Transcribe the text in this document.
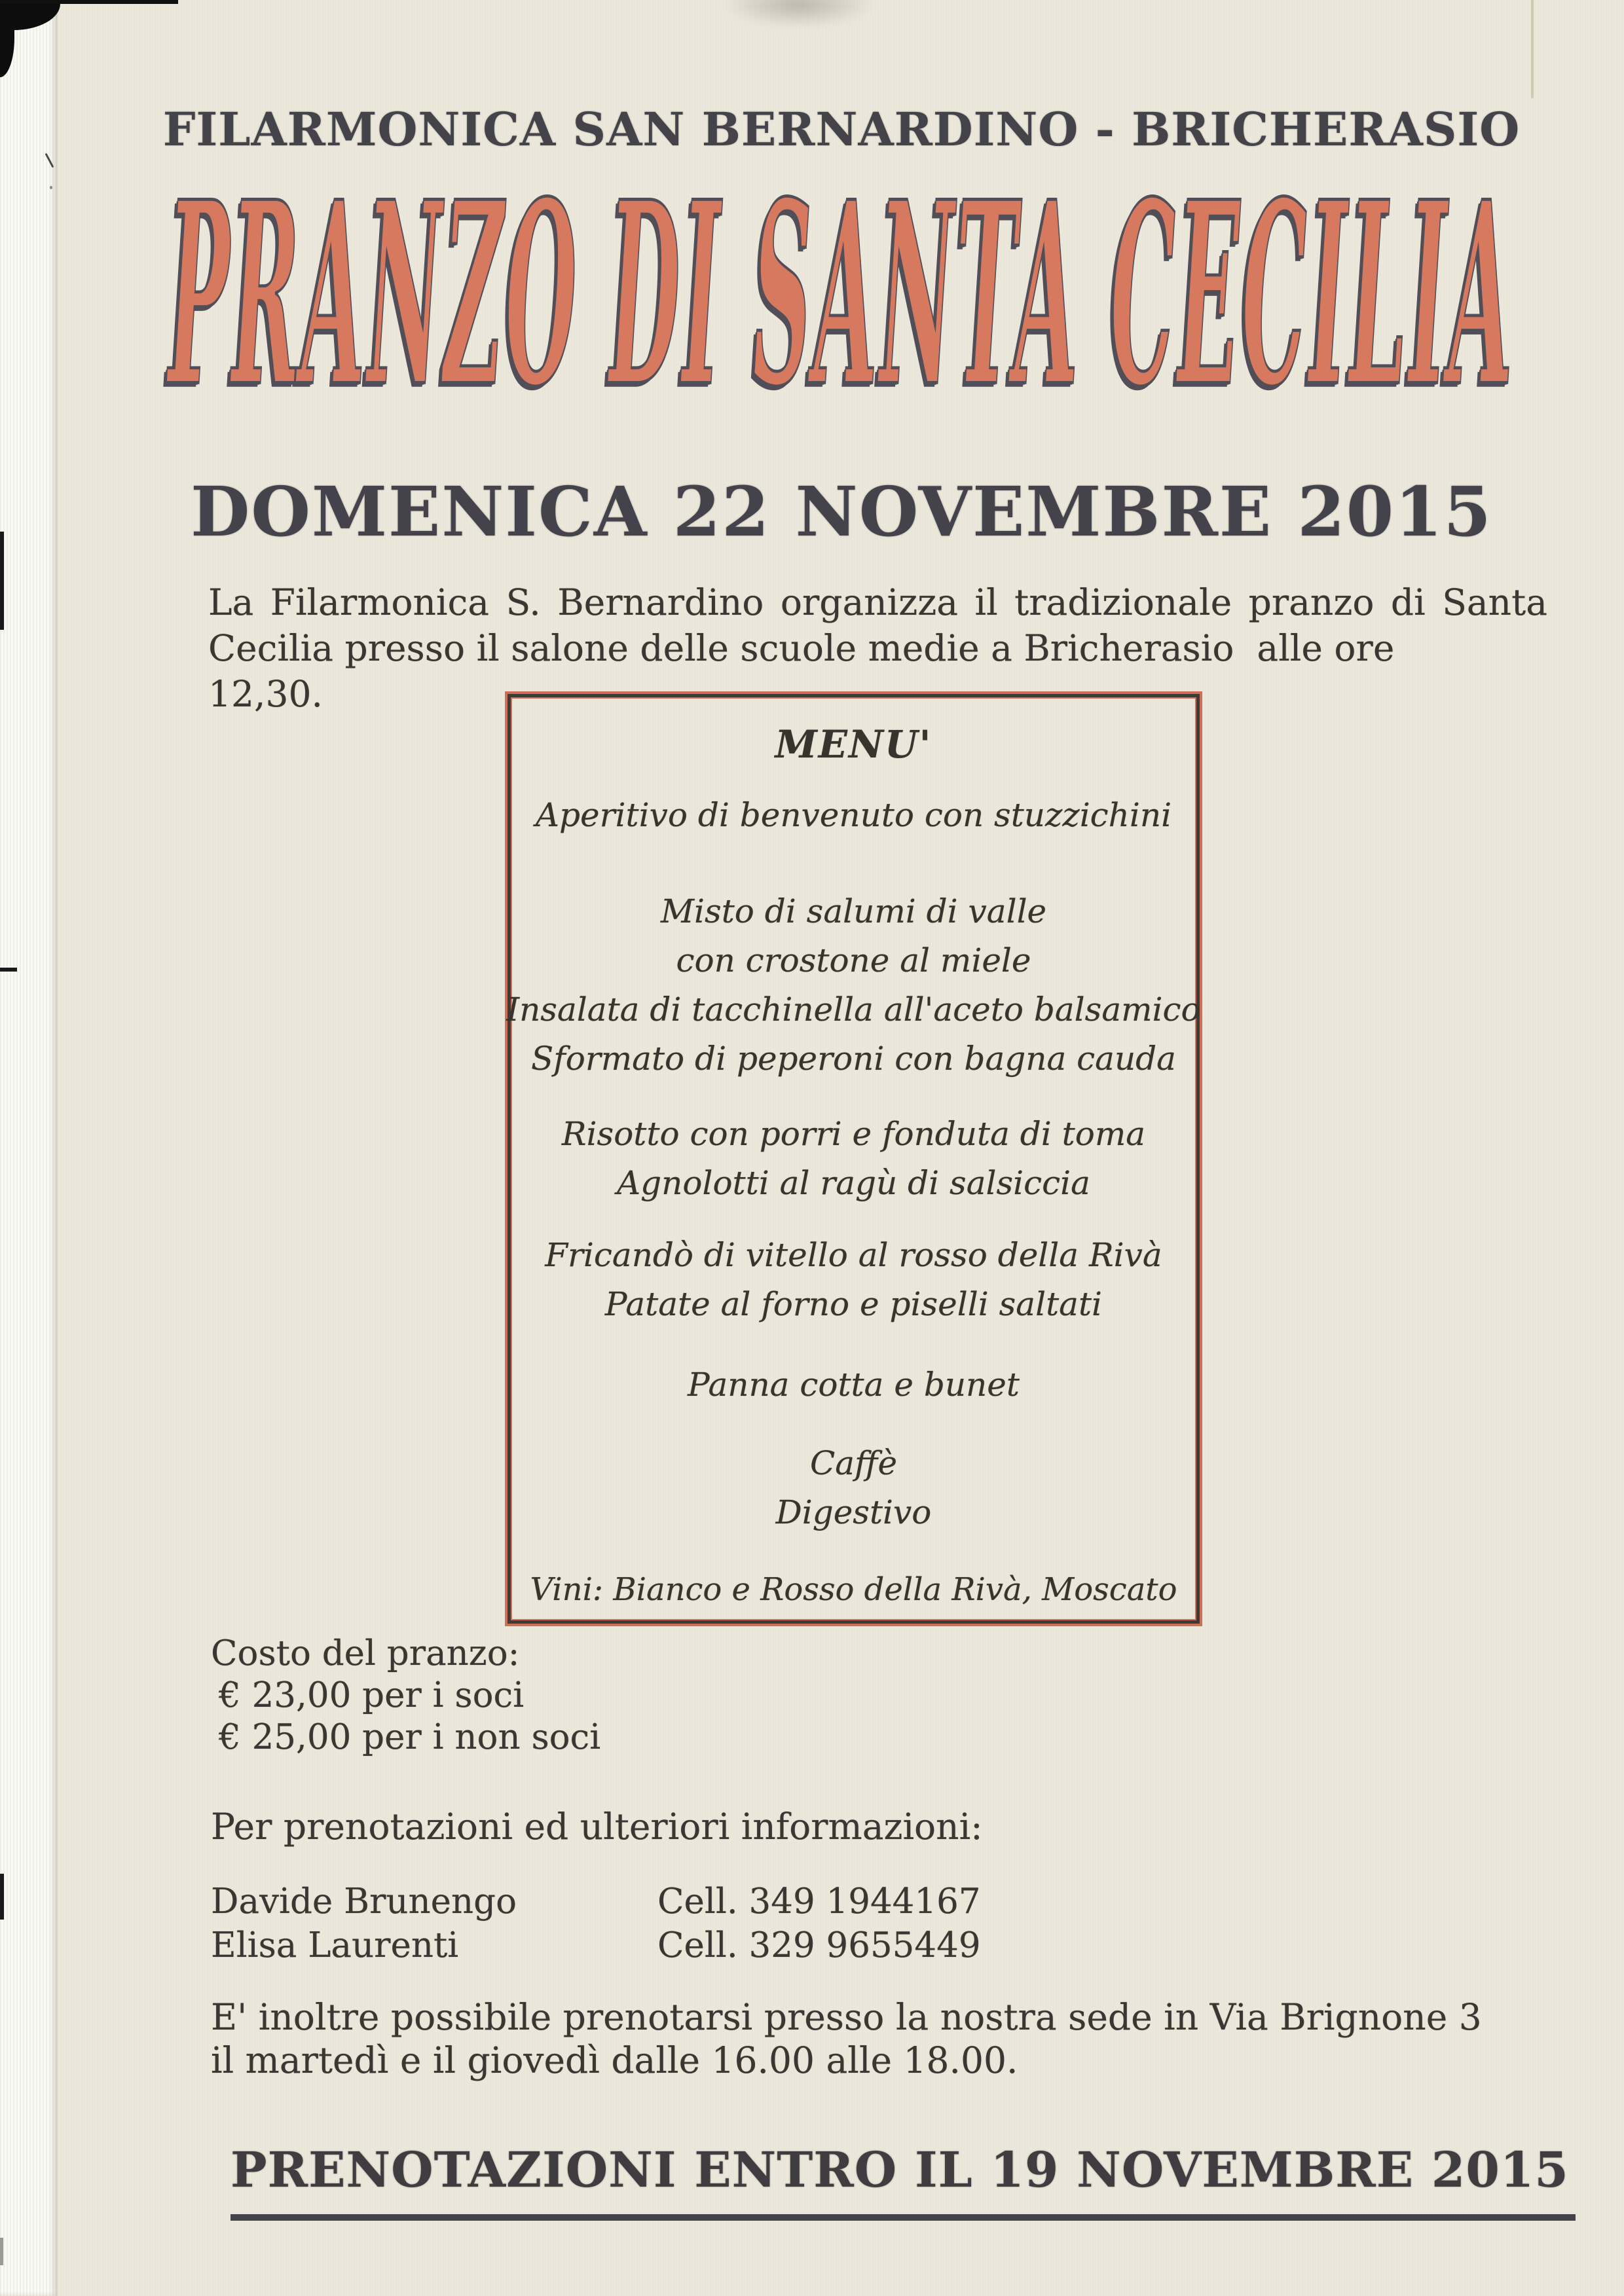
FILARMONICA SAN BERNARDINO - BRICHERASIO
PRANZO DI SANTA CECILIA
DOMENICA 22 NOVEMBRE 2015
La Filarmonica S. Bernardino organizza il tradizionale pranzo di Santa
Cecilia presso il salone delle scuole medie a Bricherasio  alle ore 12,30.
MENU'
Aperitivo di benvenuto con stuzzichini
Misto di salumi di valle
con crostone al miele
Insalata di tacchinella all'aceto balsamico
Sformato di peperoni con bagna cauda
Risotto con porri e fonduta di toma
Agnolotti al ragù di salsiccia
Fricandò di vitello al rosso della Rivà
Patate al forno e piselli saltati
Panna cotta e bunet
Caffè
Digestivo
Vini: Bianco e Rosso della Rivà, Moscato
Costo del pranzo:
€ 23,00 per i soci
€ 25,00 per i non soci
Per prenotazioni ed ulteriori informazioni:
Davide Brunengo	Cell. 349 1944167
Elisa Laurenti	Cell. 329 9655449
E' inoltre possibile prenotarsi presso la nostra sede in Via Brignone 3
il martedì e il giovedì dalle 16.00 alle 18.00.
PRENOTAZIONI ENTRO IL 19 NOVEMBRE 2015
